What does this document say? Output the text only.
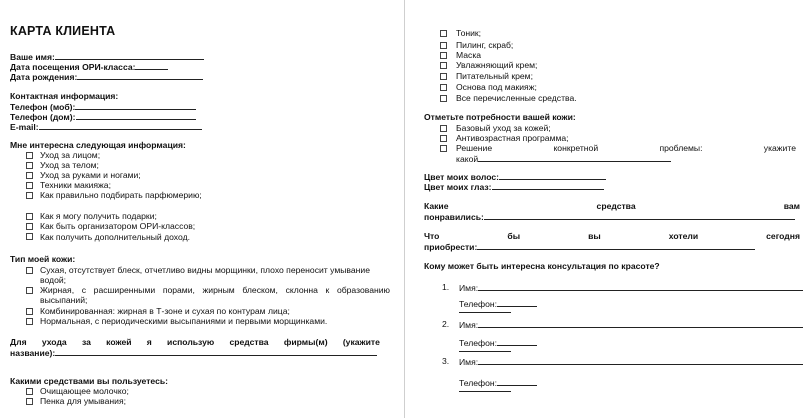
КАРТА КЛИЕНТА
Ваше имя:
Дата посещения ОРИ-класса:
Дата рождения:
Контактная информация:
Телефон (моб):
Телефон (дом):
E-mail:
Мне интересна следующая информация:
Уход за лицом;
Уход за телом;
Уход за руками и ногами;
Техники макияжа;
Как правильно подбирать парфюмерию;
Как я могу получить подарки;
Как быть организатором ОРИ-классов;
Как получить дополнительный доход.
Тип моей кожи:
Сухая, отсутствует блеск, отчетливо видны морщинки, плохо переносит умывание
водой;
Жирная, с расширенными порами, жирным блеском, склонна к образованию
высыпаний;
Комбинированная: жирная в Т-зоне и сухая по контурам лица;
Нормальная, с периодическими высыпаниями и первыми морщинками.
Для ухода за кожей я использую средства фирмы(м) (укажите
название):
Какими средствами вы пользуетесь:
Очищающее молочко;
Пенка для умывания;
Тоник;
Пилинг, скраб;
Маска
Увлажняющий крем;
Питательный крем;
Основа под макияж;
Все перечисленные средства.
Отметьте потребности вашей кожи:
Базовый уход за кожей;
Антивозрастная программа;
Решение	конкретной	проблемы:	укажите
какой
Цвет моих волос:
Цвет моих глаз:
Какие	средства	вам
понравились:
Что	бы	вы	хотели	сегодня
приобрести:
Кому может быть интересна консультация по красоте?
1. Имя:
Телефон:
2. Имя:
Телефон:
3. Имя:
Телефон:
